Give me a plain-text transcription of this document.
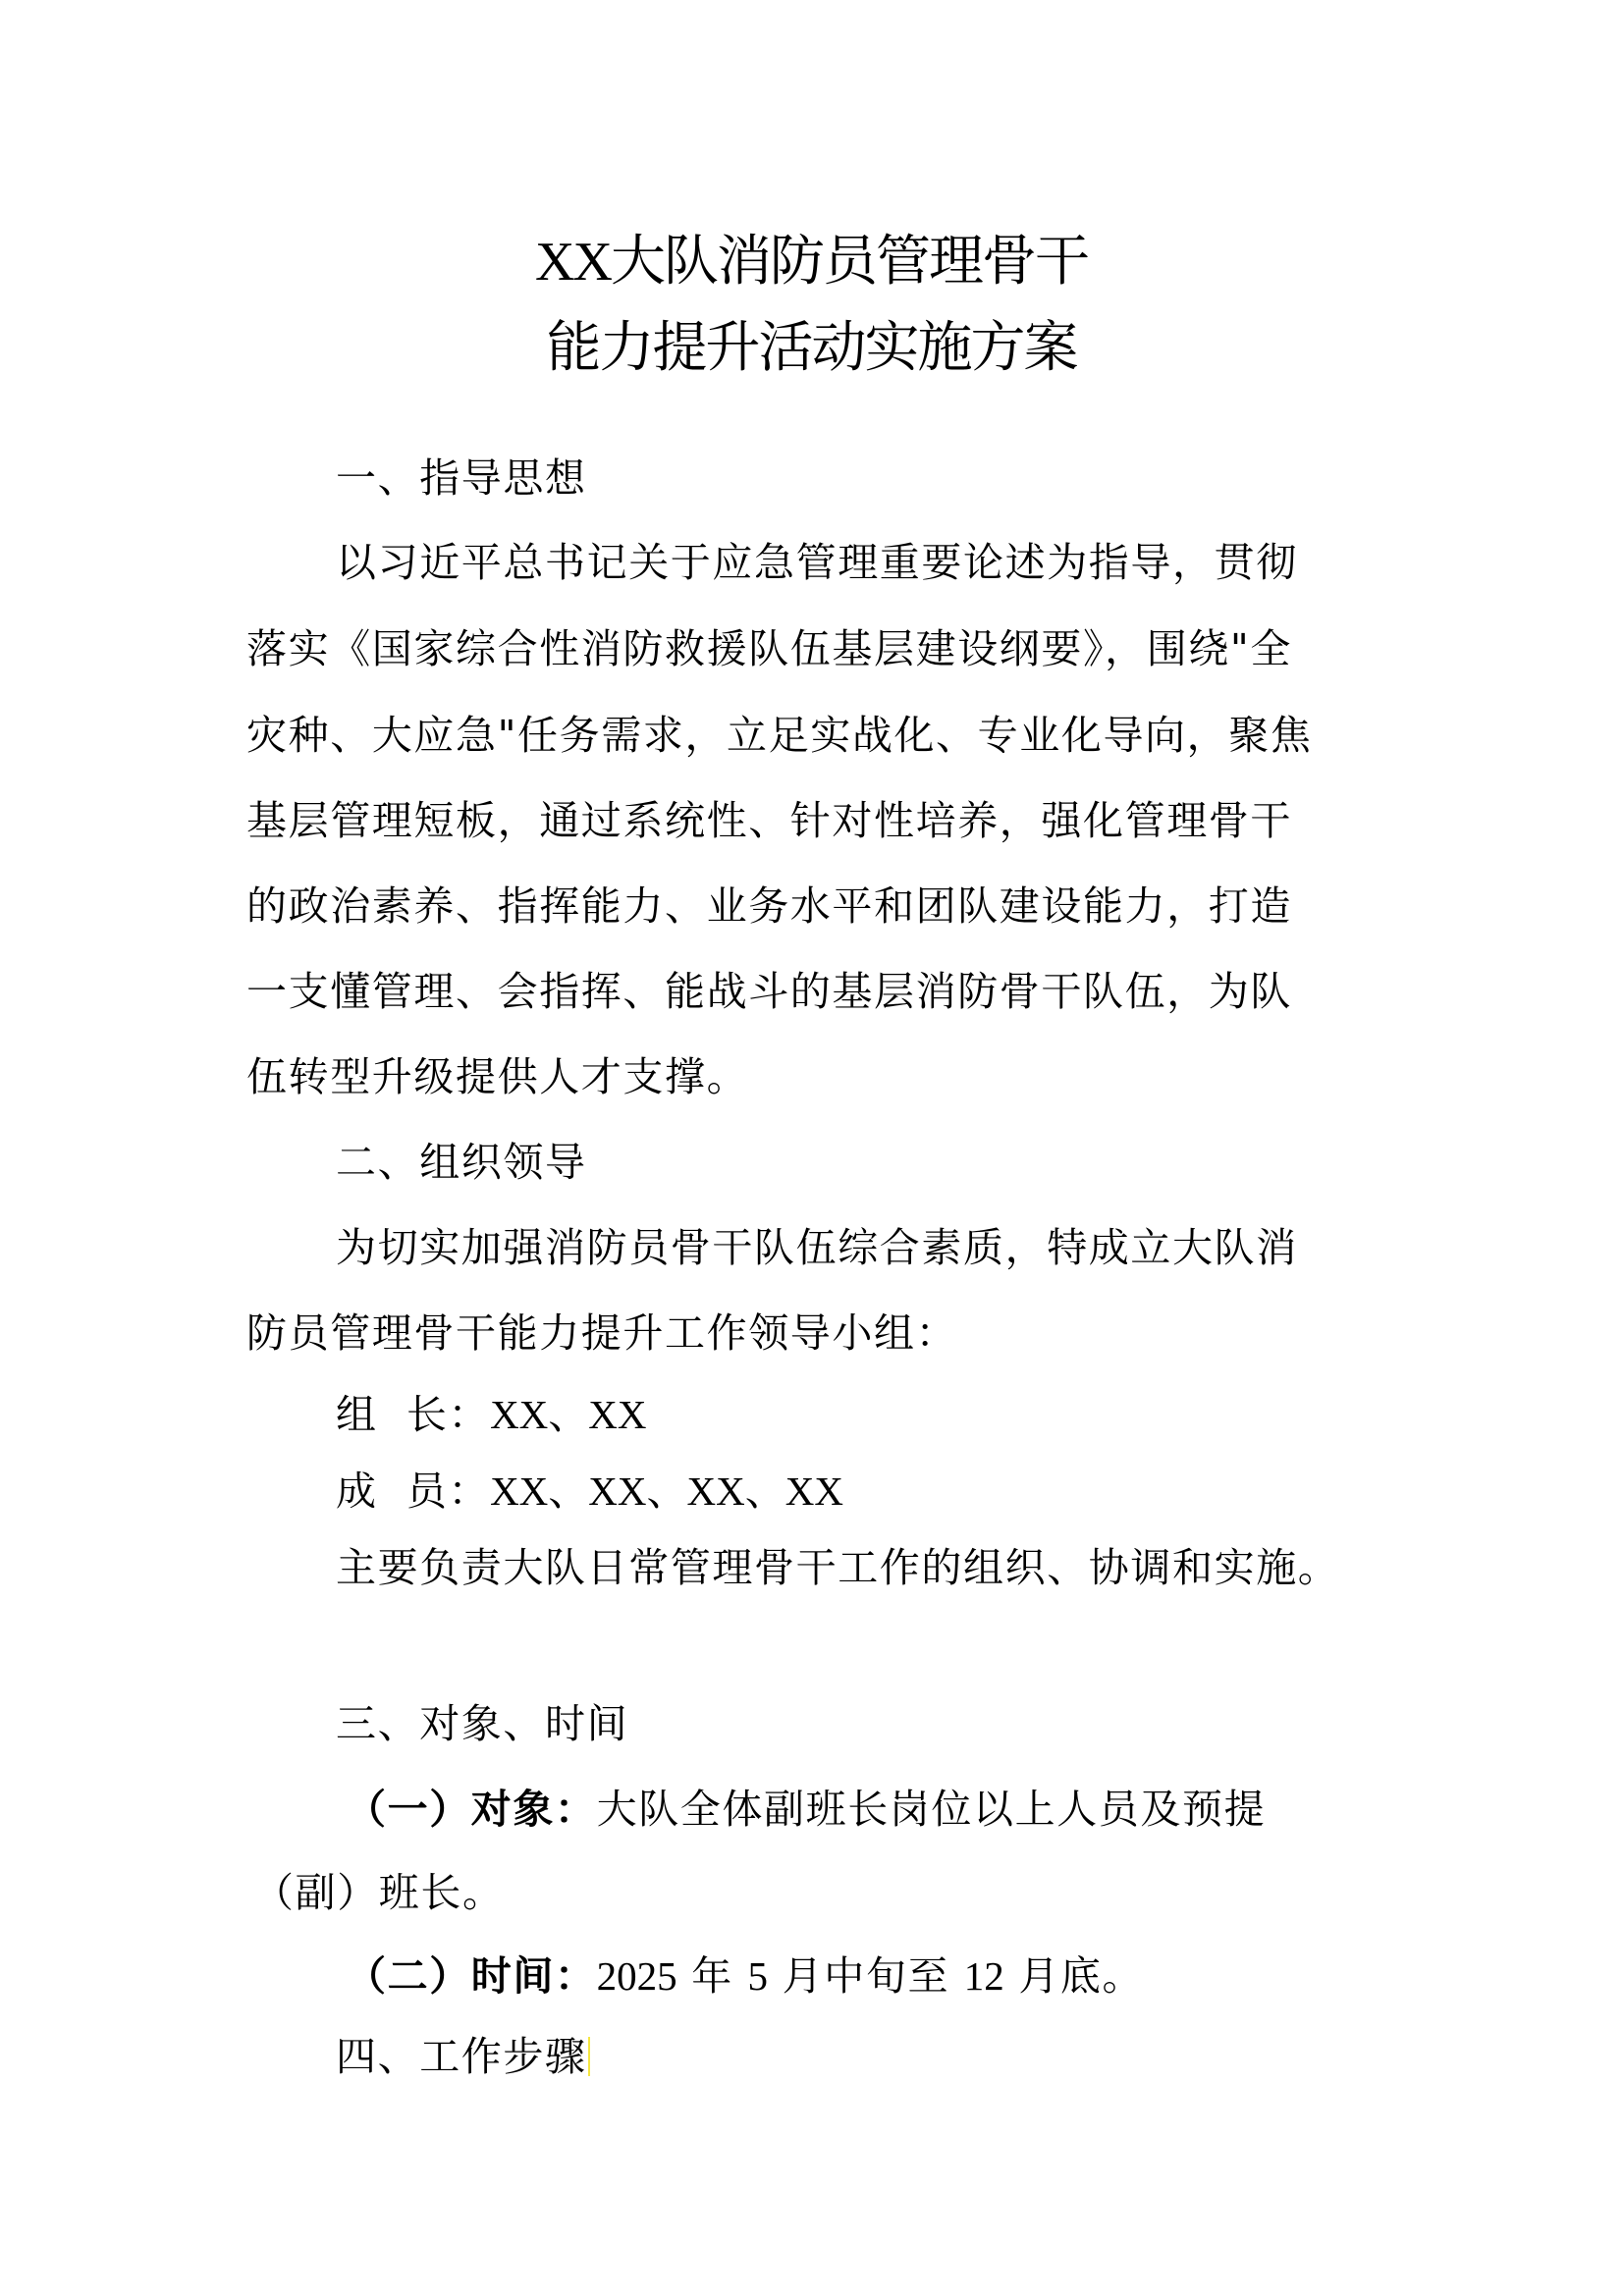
XX大队消防员管理骨干
能力提升活动实施方案
一、指导思想
以习近平总书记关于应急管理重要论述为指导，贯彻
落实《国家综合性消防救援队伍基层建设纲要》，围绕"全
灾种、大应急"任务需求，立足实战化、专业化导向，聚焦
基层管理短板，通过系统性、针对性培养，强化管理骨干
的政治素养、指挥能力、业务水平和团队建设能力，打造
一支懂管理、会指挥、能战斗的基层消防骨干队伍，为队
伍转型升级提供人才支撑。
二、组织领导
为切实加强消防员骨干队伍综合素质，特成立大队消
防员管理骨干能力提升工作领导小组：
组  长：XX、XX
成  员：XX、XX、XX、XX
主要负责大队日常管理骨干工作的组织、协调和实施。
三、对象、时间
（一）对象：大队全体副班长岗位以上人员及预提
（副）班长。
（二）时间：2025 年 5 月中旬至 12 月底。
四、工作步骤
